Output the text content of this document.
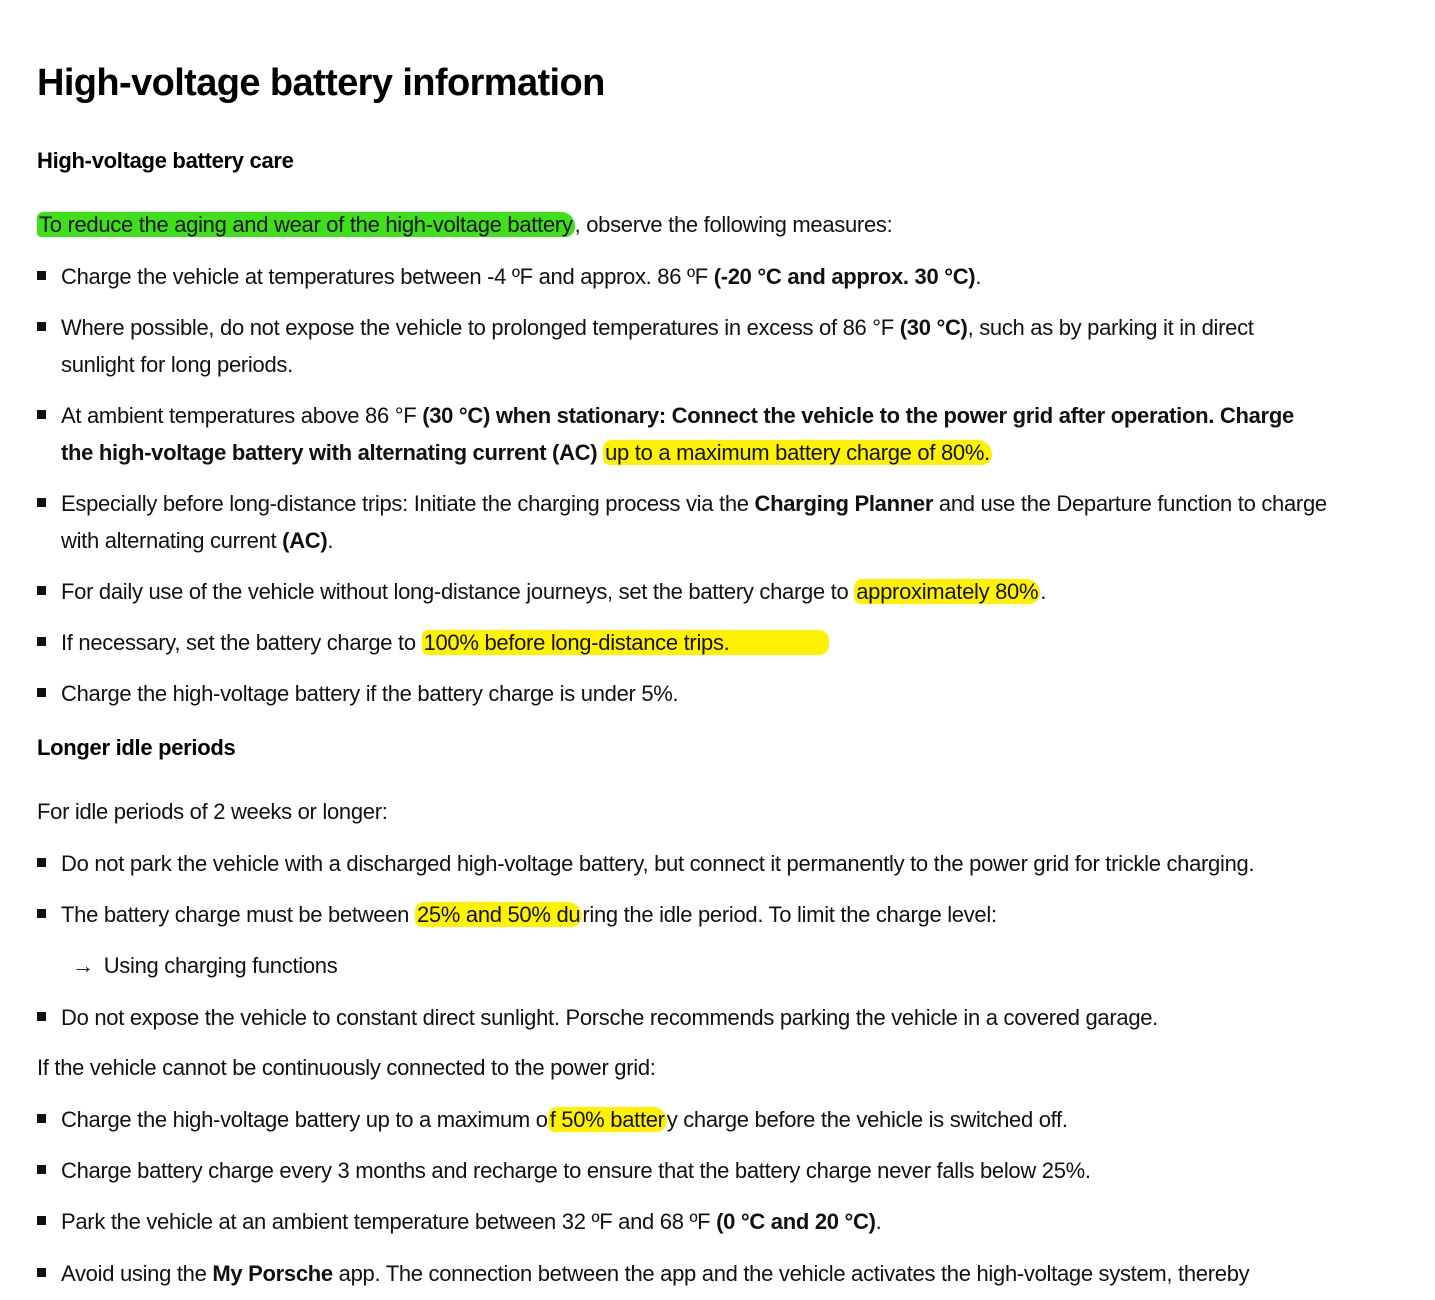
High-voltage battery information
High-voltage battery care
To reduce the aging and wear of the high-voltage battery, observe the following measures:
Charge the vehicle at temperatures between -4 ºF and approx. 86 ºF (-20 °C and approx. 30 °C).
Where possible, do not expose the vehicle to prolonged temperatures in excess of 86 °F (30 °C), such as by parking it in direct sunlight for long periods.
At ambient temperatures above 86 °F (30 °C) when stationary: Connect the vehicle to the power grid after operation. Charge the high-voltage battery with alternating current (AC) up to a maximum battery charge of 80%.
Especially before long-distance trips: Initiate the charging process via the Charging Planner and use the Departure function to charge with alternating current (AC).
For daily use of the vehicle without long-distance journeys, set the battery charge to approximately 80%.
If necessary, set the battery charge to 100% before long-distance trips.
Charge the high-voltage battery if the battery charge is under 5%.
Longer idle periods
For idle periods of 2 weeks or longer:
Do not park the vehicle with a discharged high-voltage battery, but connect it permanently to the power grid for trickle charging.
The battery charge must be between 25% and 50% during the idle period. To limit the charge level:
→ Using charging functions
Do not expose the vehicle to constant direct sunlight. Porsche recommends parking the vehicle in a covered garage.
If the vehicle cannot be continuously connected to the power grid:
Charge the high-voltage battery up to a maximum of 50% battery charge before the vehicle is switched off.
Charge battery charge every 3 months and recharge to ensure that the battery charge never falls below 25%.
Park the vehicle at an ambient temperature between 32 ºF and 68 ºF (0 °C and 20 °C).
Avoid using the My Porsche app. The connection between the app and the vehicle activates the high-voltage system, thereby
